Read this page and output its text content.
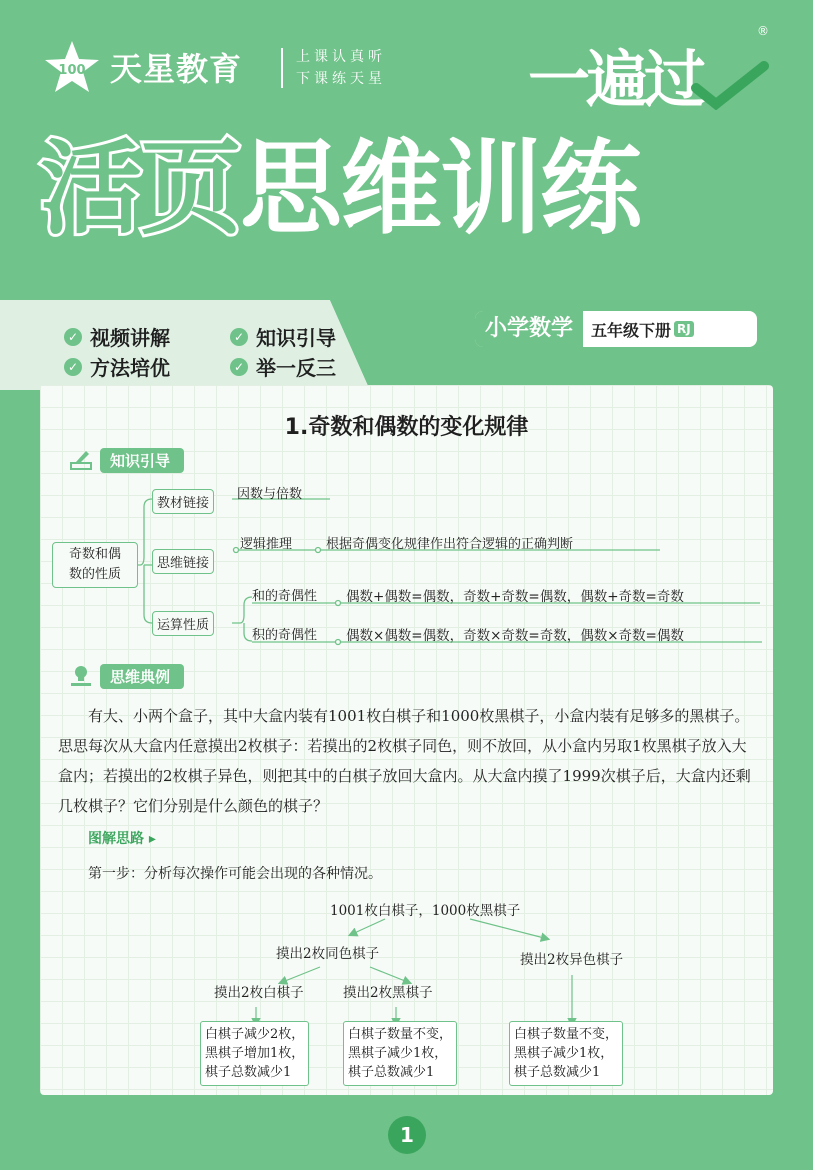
100 天星教育	上课认真听
下课练天星 一遍过
®
活页思维训练
✓ 视频讲解	✓ 知识引导
✓ 方法培优	✓ 举一反三
小学数学	五年级下册 RJ
1.奇数和偶数的变化规律
知识引导
奇数和偶
数的性质
教材链接
因数与倍数
思维链接
逻辑推理	根据奇偶变化规律作出符合逻辑的正确判断
运算性质
和的奇偶性 偶数+偶数=偶数，奇数+奇数=偶数，偶数+奇数=奇数
积的奇偶性 偶数×偶数=偶数，奇数×奇数=奇数，偶数×奇数=偶数
思维典例
有大、小两个盒子，其中大盒内装有1001枚白棋子和1000枚黑棋子，小盒内装有足够多的黑棋子。思思每次从大盒内任意摸出2枚棋子：若摸出的2枚棋子同色，则不放回，从小盒内另取1枚黑棋子放入大盒内；若摸出的2枚棋子异色，则把其中的白棋子放回大盒内。从大盒内摸了1999次棋子后，大盒内还剩几枚棋子？它们分别是什么颜色的棋子？
图解思路 ▸
第一步：分析每次操作可能会出现的各种情况。
1001枚白棋子，1000枚黑棋子
摸出2枚同色棋子	摸出2枚异色棋子
摸出2枚白棋子	摸出2枚黑棋子
白棋子减少2枚，
黑棋子增加1枚，
棋子总数减少1
白棋子数量不变，
黑棋子减少1枚，
棋子总数减少1
白棋子数量不变，
黑棋子减少1枚，
棋子总数减少1
1
